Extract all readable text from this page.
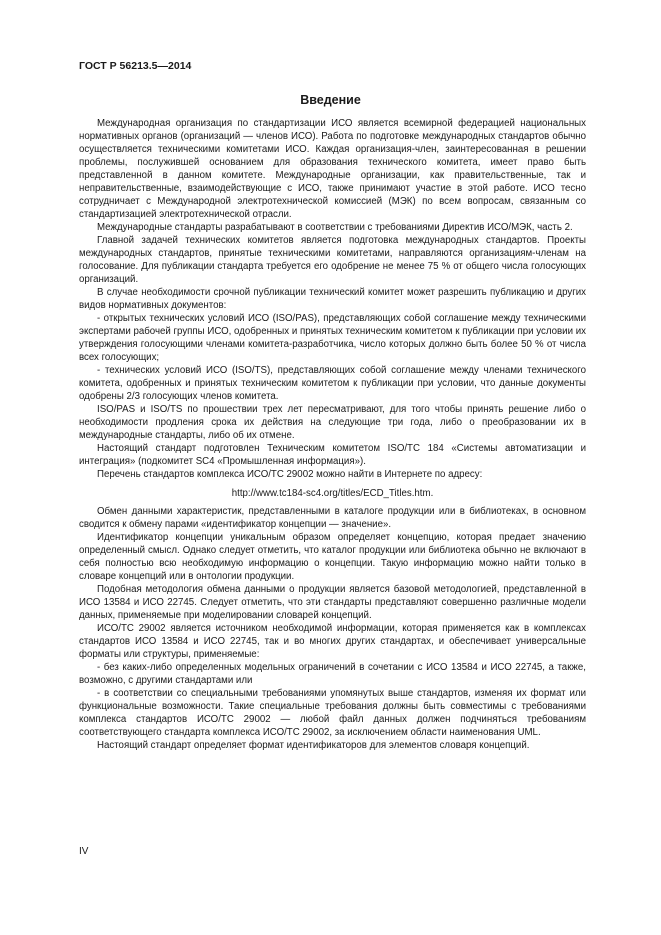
ГОСТ Р 56213.5—2014
Введение

Международная организация по стандартизации ИСО является всемирной федерацией национальных нормативных органов (организаций — членов ИСО). Работа по подготовке международных стандартов обычно осуществляется техническими комитетами ИСО. Каждая организация-член, заинтересованная в решении проблемы, послужившей основанием для образования технического комитета, имеет право быть представленной в данном комитете. Международные организации, как правительственные, так и неправительственные, взаимодействующие с ИСО, также принимают участие в этой работе. ИСО тесно сотрудничает с Международной электротехнической комиссией (МЭК) по всем вопросам, связанным со стандартизацией электротехнической отрасли.

Международные стандарты разрабатывают в соответствии с требованиями Директив ИСО/МЭК, часть 2.

Главной задачей технических комитетов является подготовка международных стандартов. Проекты международных стандартов, принятые техническими комитетами, направляются организациям-членам на голосование. Для публикации стандарта требуется его одобрение не менее 75 % от общего числа голосующих организаций.

В случае необходимости срочной публикации технический комитет может разрешить публикацию и других видов нормативных документов:

- открытых технических условий ИСО (ISO/PAS), представляющих собой соглашение между техническими экспертами рабочей группы ИСО, одобренных и принятых техническим комитетом к публикации при условии их утверждения голосующими членами комитета-разработчика, число которых должно быть более 50 % от числа всех голосующих;

- технических условий ИСО (ISO/TS), представляющих собой соглашение между членами технического комитета, одобренных и принятых техническим комитетом к публикации при условии, что данные документы одобрены 2/3 голосующих членов комитета.

ISO/PAS и ISO/TS по прошествии трех лет пересматривают, для того чтобы принять решение либо о необходимости продления срока их действия на следующие три года, либо о преобразовании их в международные стандарты, либо об их отмене.

Настоящий стандарт подготовлен Техническим комитетом ISO/TC 184 «Системы автоматизации и интеграция» (подкомитет SC4 «Промышленная информация»).

Перечень стандартов комплекса ИСО/ТС 29002 можно найти в Интернете по адресу:

http://www.tc184-sc4.org/titles/ECD_Titles.htm.

Обмен данными характеристик, представленными в каталоге продукции или в библиотеках, в основном сводится к обмену парами «идентификатор концепции — значение».

Идентификатор концепции уникальным образом определяет концепцию, которая предает значению определенный смысл. Однако следует отметить, что каталог продукции или библиотека обычно не включают в себя полностью всю необходимую информацию о концепции. Такую информацию можно найти только в словаре концепций или в онтологии продукции.

Подобная методология обмена данными о продукции является базовой методологией, представленной в ИСО 13584 и ИСО 22745. Следует отметить, что эти стандарты представляют совершенно различные модели данных, применяемые при моделировании словарей концепций.

ИСО/ТС 29002 является источником необходимой информации, которая применяется как в комплексах стандартов ИСО 13584 и ИСО 22745, так и во многих других стандартах, и обеспечивает универсальные форматы или структуры, применяемые:

- без каких-либо определенных модельных ограничений в сочетании с ИСО 13584 и ИСО 22745, а также, возможно, с другими стандартами или

- в соответствии со специальными требованиями упомянутых выше стандартов, изменяя их формат или функциональные возможности. Такие специальные требования должны быть совместимы с требованиями комплекса стандартов ИСО/ТС 29002 — любой файл данных должен подчиняться требованиям соответствующего стандарта комплекса ИСО/ТС 29002, за исключением области наименования UML.

Настоящий стандарт определяет формат идентификаторов для элементов словаря концепций.

IV
